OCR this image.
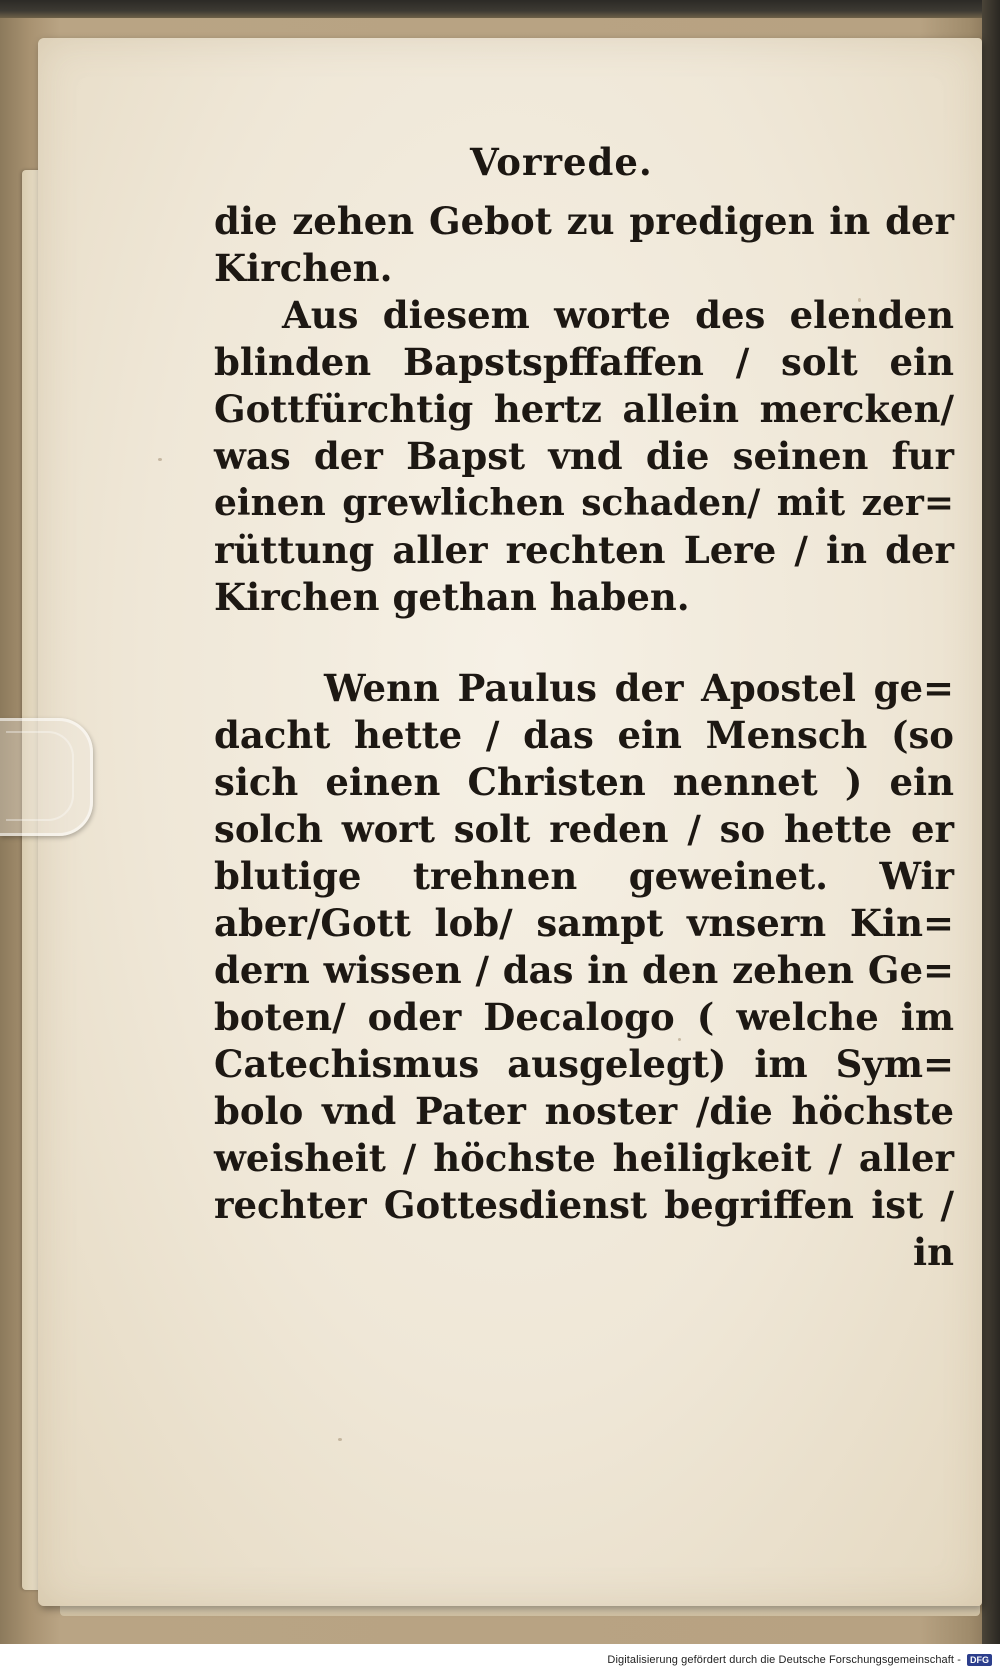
Vorrede.
die zehen Gebot zu predigen in der
Kirchen.
Aus diesem worte des elenden
blinden Bapstspffaffen / solt ein
Gottfürchtig hertz allein mercken/
was der Bapst vnd die seinen fur
einen grewlichen schaden/ mit zer=
rüttung aller rechten Lere / in der
Kirchen gethan haben.
Wenn Paulus der Apostel ge=
dacht hette / das ein Mensch (so
sich einen Christen nennet ) ein
solch wort solt reden / so hette er
blutige trehnen geweinet. Wir
aber/Gott lob/ sampt vnsern Kin=
dern wissen / das in den zehen Ge=
boten/ oder Decalogo ( welche im
Catechismus ausgelegt) im Sym=
bolo vnd Pater noster /die höchste
weisheit / höchste heiligkeit / aller
rechter Gottesdienst begriffen ist /
in
Digitalisierung gefördert durch die Deutsche Forschungsgemeinschaft -	DFG
